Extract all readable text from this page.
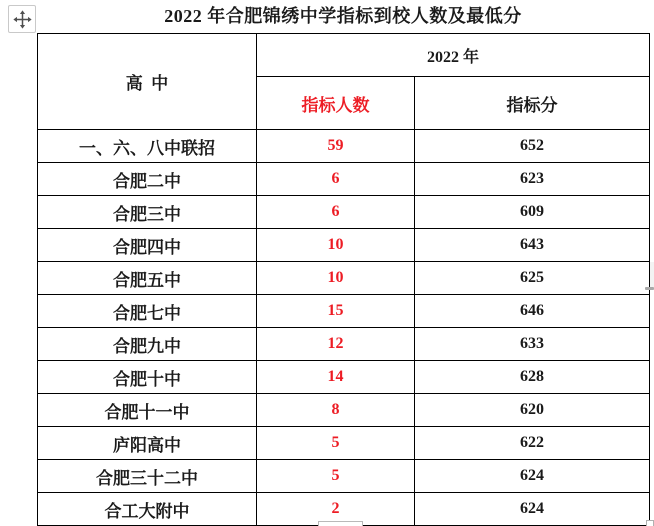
2022 年合肥锦绣中学指标到校人数及最低分
高  中	2022 年	
	指标人数	指标分
一、六、八中联招	59	652
合肥二中	6	623
合肥三中	6	609
合肥四中	10	643
合肥五中	10	625
合肥七中	15	646
合肥九中	12	633
合肥十中	14	628
合肥十一中	8	620
庐阳高中	5	622
合肥三十二中	5	624
合工大附中	2	624
